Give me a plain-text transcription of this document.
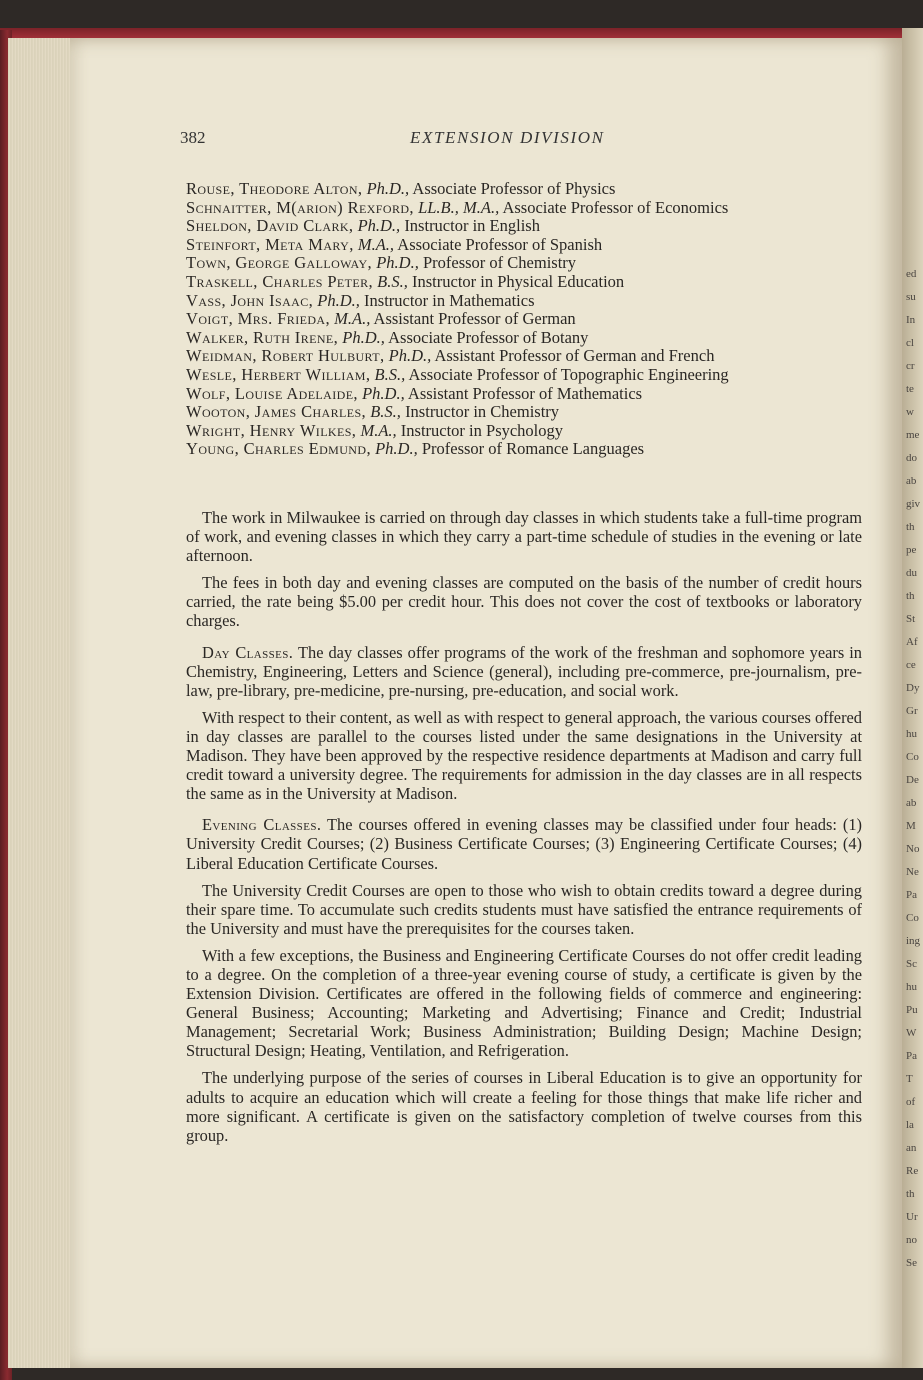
ed
su
In
cl
cr
te
w
me
do
ab
giv
th
pe
du
th
St
Af
ce
Dy
Gr
hu
Co
De
ab
M
No
Ne
Pa
Co
ing
Sc
hu
Pu
W
Pa
T
of
la
an
Re
th
Ur
no
Se
382	EXTENSION DIVISION
Rouse, Theodore Alton, Ph.D., Associate Professor of Physics
Schnaitter, M(arion) Rexford, LL.B., M.A., Associate Professor of Economics
Sheldon, David Clark, Ph.D., Instructor in English
Steinfort, Meta Mary, M.A., Associate Professor of Spanish
Town, George Galloway, Ph.D., Professor of Chemistry
Traskell, Charles Peter, B.S., Instructor in Physical Education
Vass, John Isaac, Ph.D., Instructor in Mathematics
Voigt, Mrs. Frieda, M.A., Assistant Professor of German
Walker, Ruth Irene, Ph.D., Associate Professor of Botany
Weidman, Robert Hulburt, Ph.D., Assistant Professor of German and French
Wesle, Herbert William, B.S., Associate Professor of Topographic Engineering
Wolf, Louise Adelaide, Ph.D., Assistant Professor of Mathematics
Wooton, James Charles, B.S., Instructor in Chemistry
Wright, Henry Wilkes, M.A., Instructor in Psychology
Young, Charles Edmund, Ph.D., Professor of Romance Languages

The work in Milwaukee is carried on through day classes in which students take a full-time program of work, and evening classes in which they carry a part-time schedule of studies in the evening or late afternoon.

The fees in both day and evening classes are computed on the basis of the number of credit hours carried, the rate being $5.00 per credit hour. This does not cover the cost of textbooks or laboratory charges.

Day Classes. The day classes offer programs of the work of the freshman and sophomore years in Chemistry, Engineering, Letters and Science (general), including pre-commerce, pre-journalism, pre-law, pre-library, pre-medicine, pre-nursing, pre-education, and social work.

With respect to their content, as well as with respect to general approach, the various courses offered in day classes are parallel to the courses listed under the same designations in the University at Madison. They have been approved by the respective residence departments at Madison and carry full credit toward a university degree. The requirements for admission in the day classes are in all respects the same as in the University at Madison.

Evening Classes. The courses offered in evening classes may be classified under four heads: (1) University Credit Courses; (2) Business Certificate Courses; (3) Engineering Certificate Courses; (4) Liberal Education Certificate Courses.

The University Credit Courses are open to those who wish to obtain credits toward a degree during their spare time. To accumulate such credits students must have satisfied the entrance requirements of the University and must have the prerequisites for the courses taken.

With a few exceptions, the Business and Engineering Certificate Courses do not offer credit leading to a degree. On the completion of a three-year evening course of study, a certificate is given by the Extension Division. Certificates are offered in the following fields of commerce and engineering: General Business; Accounting; Marketing and Advertising; Finance and Credit; Industrial Management; Secretarial Work; Business Administration; Building Design; Machine Design; Structural Design; Heating, Ventilation, and Refrigeration.

The underlying purpose of the series of courses in Liberal Education is to give an opportunity for adults to acquire an education which will create a feeling for those things that make life richer and more significant. A certificate is given on the satisfactory completion of twelve courses from this group.
